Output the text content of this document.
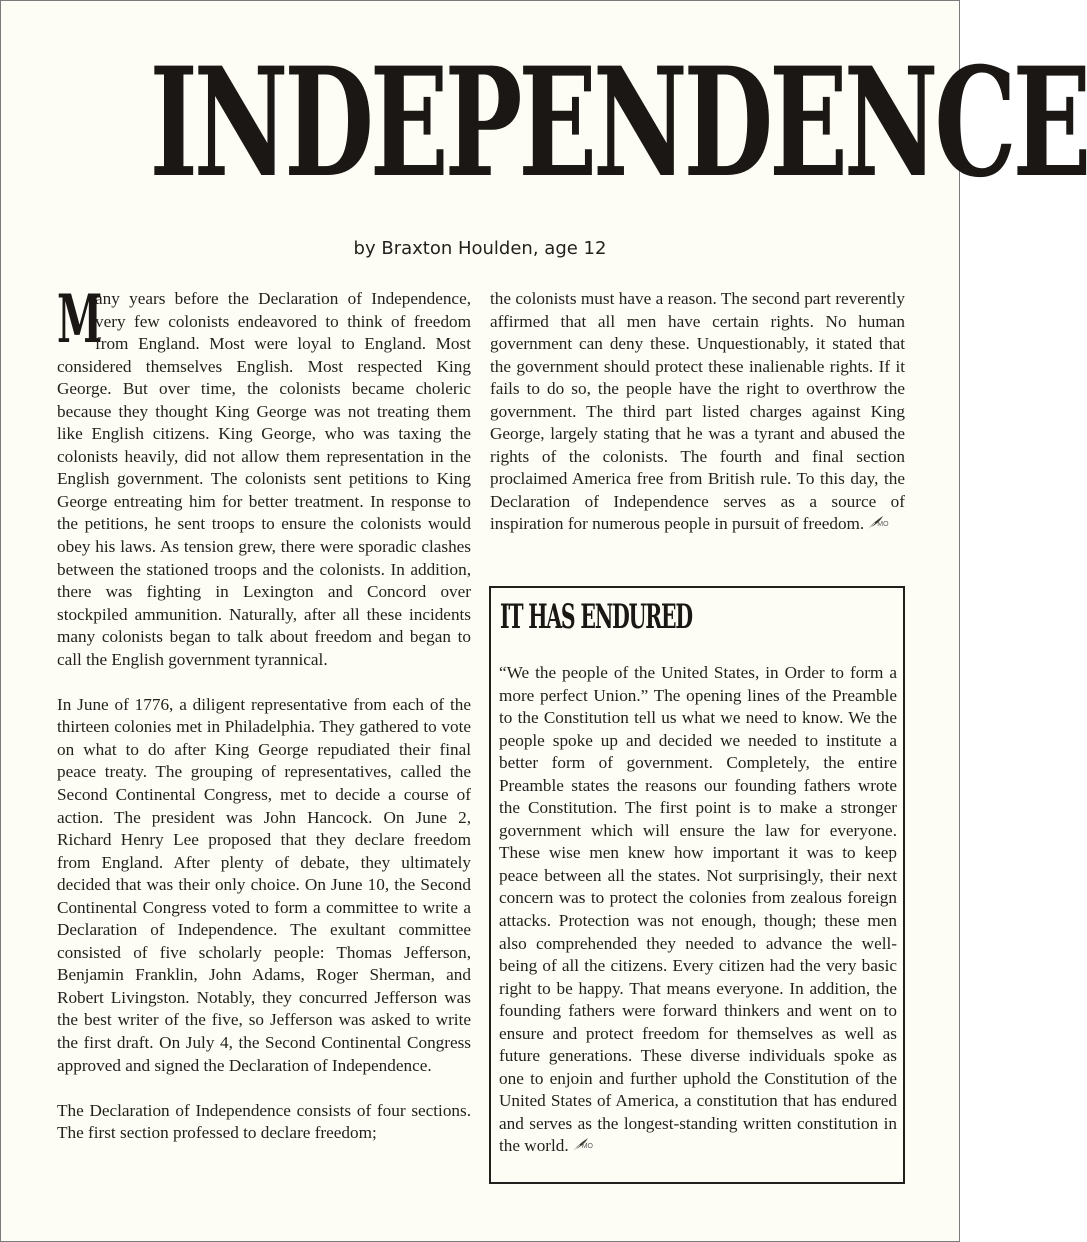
INDEPENDENCE
by Braxton Houlden, age 12

M
any years before the Declaration of Independence, very few colonists endeavored to think of freedom from England. Most were loyal to England. Most considered themselves English. Most respected King George. But over time, the colonists became choleric because they thought King George was not treating them like English citizens. King George, who was taxing the colonists heavily, did not allow them representation in the English government. The colonists sent petitions to King George entreating him for better treatment. In response to the petitions, he sent troops to ensure the colonists would obey his laws. As tension grew, there were sporadic clashes between the stationed troops and the colonists. In addition, there was fighting in Lexington and Concord over stockpiled ammunition. Naturally, after all these incidents many colonists began to talk about freedom and began to call the English government tyrannical.

In June of 1776, a diligent representative from each of the thirteen colonies met in Philadelphia. They gathered to vote on what to do after King George repudiated their final peace treaty. The grouping of representatives, called the Second Continental Congress, met to decide a course of action. The president was John Hancock. On June 2, Richard Henry Lee proposed that they declare freedom from England. After plenty of debate, they ultimately decided that was their only choice. On June 10, the Second Continental Congress voted to form a committee to write a Declaration of Independence. The exultant committee consisted of five scholarly people: Thomas Jefferson, Benjamin Franklin, John Adams, Roger Sherman, and Robert Livingston. Notably, they concurred Jefferson was the best writer of the five, so Jefferson was asked to write the first draft. On July 4, the Second Continental Congress approved and signed the Declaration of Independence.

The Declaration of Independence consists of four sections. The first section professed to declare freedom;

the colonists must have a reason. The second part reverently affirmed that all men have certain rights. No human government can deny these. Unquestionably, it stated that the government should protect these inalienable rights. If it fails to do so, the people have the right to overthrow the government. The third part listed charges against King George, largely stating that he was a tyrant and abused the rights of the colonists. The fourth and final section proclaimed America free from British rule. To this day, the Declaration of Independence serves as a source of inspiration for numerous people in pursuit of freedom. MO

IT HAS ENDURED

“We the people of the United States, in Order to form a more perfect Union.” The opening lines of the Preamble to the Constitution tell us what we need to know. We the people spoke up and decided we needed to institute a better form of government. Completely, the entire Preamble states the reasons our founding fathers wrote the Constitution. The first point is to make a stronger government which will ensure the law for everyone. These wise men knew how important it was to keep peace between all the states. Not surprisingly, their next concern was to protect the colonies from zealous foreign attacks. Protection was not enough, though; these men also comprehended they needed to advance the well-being of all the citizens. Every citizen had the very basic right to be happy. That means everyone. In addition, the founding fathers were forward thinkers and went on to ensure and protect freedom for themselves as well as future generations. These diverse individuals spoke as one to enjoin and further uphold the Constitution of the United States of America, a constitution that has endured and serves as the longest-standing written constitution in the world. MO
